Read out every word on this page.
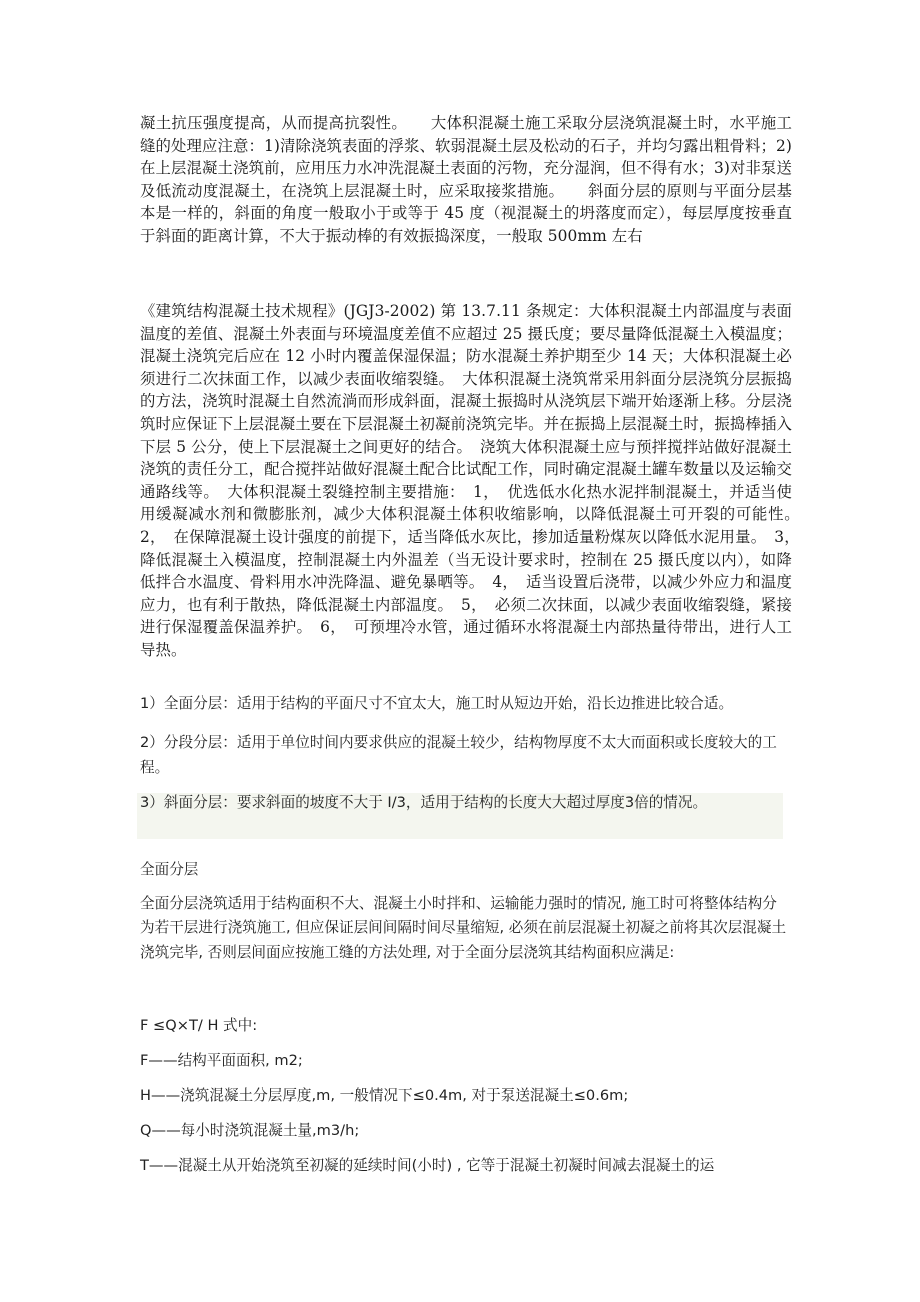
凝土抗压强度提高，从而提高抗裂性。　　大体积混凝土施工采取分层浇筑混凝土时，水平施工缝的处理应注意：1)清除浇筑表面的浮浆、软弱混凝土层及松动的石子，并均匀露出粗骨料；2)在上层混凝土浇筑前，应用压力水冲洗混凝土表面的污物，充分湿润，但不得有水；3)对非泵送及低流动度混凝土，在浇筑上层混凝土时，应采取接浆措施。　　斜面分层的原则与平面分层基本是一样的，斜面的角度一般取小于或等于 45 度（视混凝土的坍落度而定），每层厚度按垂直于斜面的距离计算，不大于振动棒的有效振捣深度，一般取 500mm 左右

《建筑结构混凝土技术规程》(JGJ3-2002) 第 13.7.11 条规定：大体积混凝土内部温度与表面温度的差值、混凝土外表面与环境温度差值不应超过 25 摄氏度；要尽量降低混凝土入模温度；混凝土浇筑完后应在 12 小时内覆盖保湿保温；防水混凝土养护期至少 14 天；大体积混凝土必须进行二次抹面工作，以减少表面收缩裂缝。　大体积混凝土浇筑常采用斜面分层浇筑分层振捣的方法，浇筑时混凝土自然流淌而形成斜面，混凝土振捣时从浇筑层下端开始逐渐上移。分层浇筑时应保证下上层混凝土要在下层混凝土初凝前浇筑完毕。并在振捣上层混凝土时，振捣棒插入下层 5 公分，使上下层混凝土之间更好的结合。　浇筑大体积混凝土应与预拌搅拌站做好混凝土浇筑的责任分工，配合搅拌站做好混凝土配合比试配工作，同时确定混凝土罐车数量以及运输交通路线等。　大体积混凝土裂缝控制主要措施：　1，　优选低水化热水泥拌制混凝土，并适当使用缓凝减水剂和微膨胀剂，减少大体积混凝土体积收缩影响，以降低混凝土可开裂的可能性。　2，　在保障混凝土设计强度的前提下，适当降低水灰比，掺加适量粉煤灰以降低水泥用量。　3，　降低混凝土入模温度，控制混凝土内外温差（当无设计要求时，控制在 25 摄氏度以内），如降低拌合水温度、骨料用水冲洗降温、避免暴晒等。　4，　适当设置后浇带，以减少外应力和温度应力，也有利于散热，降低混凝土内部温度。　5，　必须二次抹面，以减少表面收缩裂缝，紧接进行保湿覆盖保温养护。　6，　可预埋冷水管，通过循环水将混凝土内部热量待带出，进行人工导热。

1）全面分层：适用于结构的平面尺寸不宜太大，施工时从短边开始，沿长边推进比较合适。

2）分段分层：适用于单位时间内要求供应的混凝土较少，结构物厚度不太大而面积或长度较大的工程。

3）斜面分层：要求斜面的坡度不大于 I/3，适用于结构的长度大大超过厚度3倍的情况。

全面分层

全面分层浇筑适用于结构面积不大、混凝土小时拌和、运输能力强时的情况, 施工时可将整体结构分为若干层进行浇筑施工, 但应保证层间间隔时间尽量缩短, 必须在前层混凝土初凝之前将其次层混凝土浇筑完毕, 否则层间面应按施工缝的方法处理, 对于全面分层浇筑其结构面积应满足:

F ≤Q×T/ H 式中:

F——结构平面面积, m2;

H——浇筑混凝土分层厚度,m, 一般情况下≤0.4m, 对于泵送混凝土≤0.6m;

Q——每小时浇筑混凝土量,m3/h;

T——混凝土从开始浇筑至初凝的延续时间(小时) , 它等于混凝土初凝时间减去混凝土的运
